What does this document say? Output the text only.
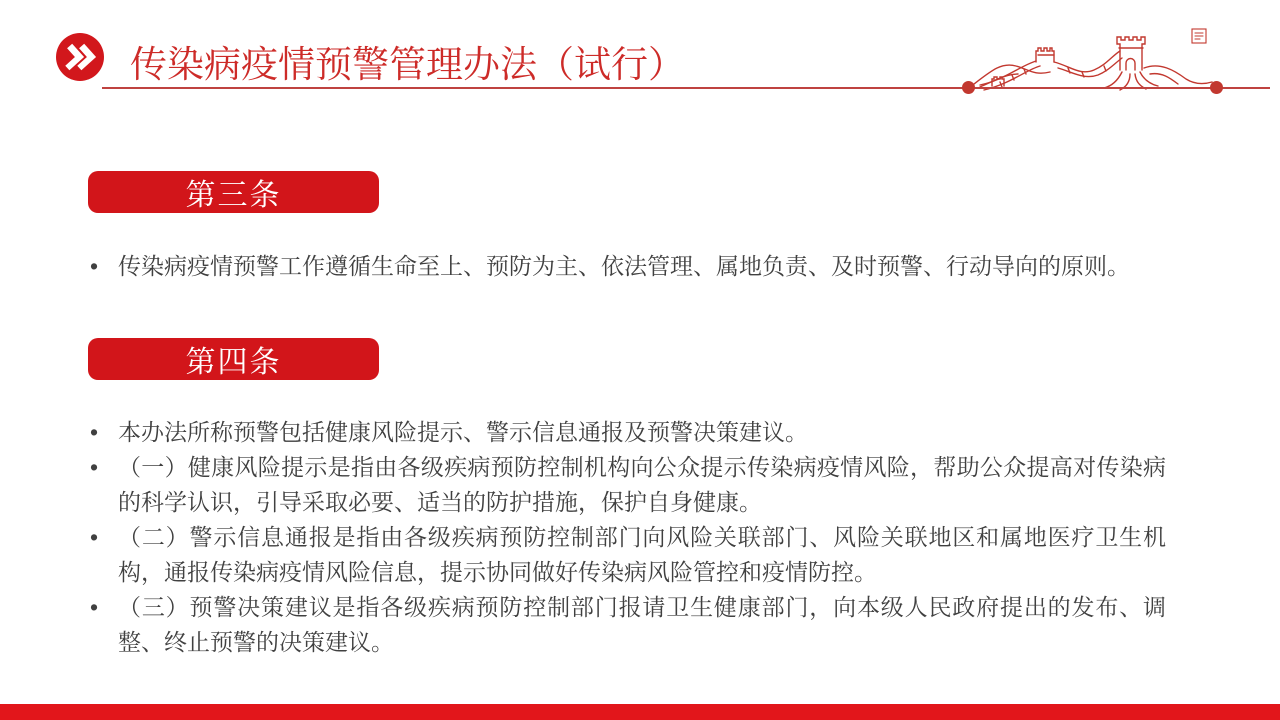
传染病疫情预警管理办法（试行）
第三条
• 传染病疫情预警工作遵循生命至上、预防为主、依法管理、属地负责、及时预警、行动导向的原则。
第四条
• 本办法所称预警包括健康风险提示、警示信息通报及预警决策建议。
• （一）健康风险提示是指由各级疾病预防控制机构向公众提示传染病疫情风险，帮助公众提高对传染病的科学认识，引导采取必要、适当的防护措施，保护自身健康。
• （二）警示信息通报是指由各级疾病预防控制部门向风险关联部门、风险关联地区和属地医疗卫生机构，通报传染病疫情风险信息，提示协同做好传染病风险管控和疫情防控。
• （三）预警决策建议是指各级疾病预防控制部门报请卫生健康部门，向本级人民政府提出的发布、调整、终止预警的决策建议。
